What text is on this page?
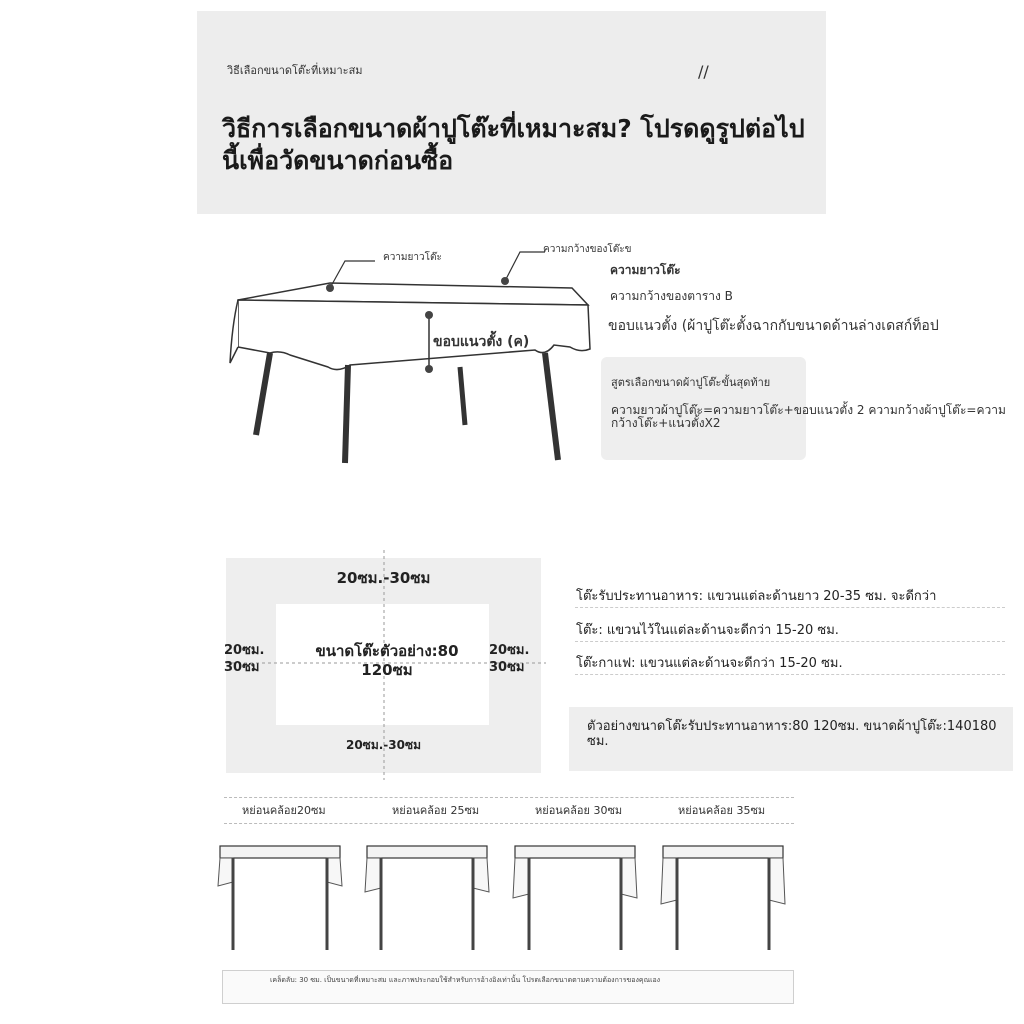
วิธีเลือกขนาดโต๊ะที่เหมาะสม	//
วิธีการเลือกขนาดผ้าปูโต๊ะที่เหมาะสม? โปรดดูรูปต่อไปนี้เพื่อวัดขนาดก่อนซื้อ
ความยาวโต๊ะ
ความกว้างของโต๊ะข
ขอบแนวตั้ง (ค)
ความยาวโต๊ะ
ความกว้างของตาราง B
ขอบแนวตั้ง (ผ้าปูโต๊ะตั้งฉากกับขนาดด้านล่างเดสก์ท็อป
สูตรเลือกขนาดผ้าปูโต๊ะขั้นสุดท้าย
ความยาวผ้าปูโต๊ะ=ความยาวโต๊ะ+ขอบแนวตั้ง 2 ความกว้างผ้าปูโต๊ะ=ความกว้างโต๊ะ+แนวตั้งX2
20ซม.-30ซม
ขนาดโต๊ะตัวอย่าง:80
120ซม
20ซม.
30ซม
20ซม.
30ซม
20ซม.-30ซม
โต๊ะรับประทานอาหาร: แขวนแต่ละด้านยาว 20-35 ซม. จะดีกว่า
โต๊ะ: แขวนไว้ในแต่ละด้านจะดีกว่า 15-20 ซม.
โต๊ะกาแฟ: แขวนแต่ละด้านจะดีกว่า 15-20 ซม.
ตัวอย่างขนาดโต๊ะรับประทานอาหาร:80 120ซม. ขนาดผ้าปูโต๊ะ:140180 ซม.
หย่อนคล้อย20ซม	หย่อนคล้อย 25ซม	หย่อนคล้อย 30ซม	หย่อนคล้อย 35ซม
เคล็ดลับ: 30 ซม. เป็นขนาดที่เหมาะสม และภาพประกอบใช้สำหรับการอ้างอิงเท่านั้น โปรดเลือกขนาดตามความต้องการของคุณเอง
